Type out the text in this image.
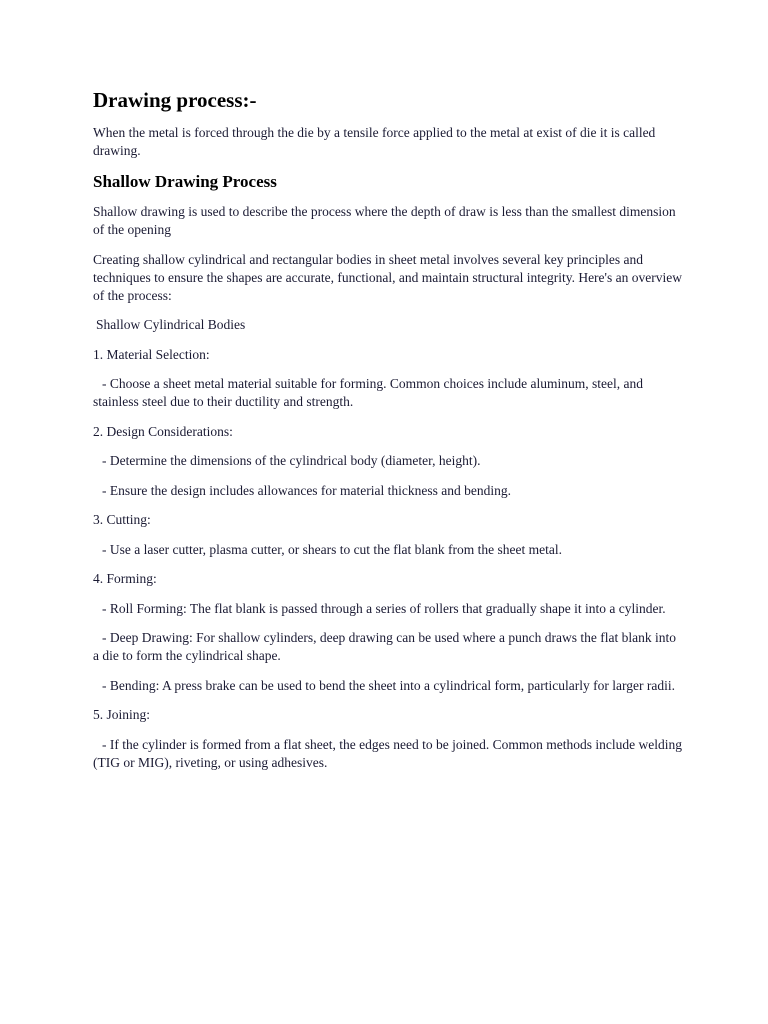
Drawing process:-

When the metal is forced through the die by a tensile force applied to the metal at exist of die it is called drawing.

Shallow Drawing Process

Shallow drawing is used to describe the process where the depth of draw is less than the smallest dimension of the opening

Creating shallow cylindrical and rectangular bodies in sheet metal involves several key principles and techniques to ensure the shapes are accurate, functional, and maintain structural integrity. Here's an overview of the process:

Shallow Cylindrical Bodies

1. Material Selection:

- Choose a sheet metal material suitable for forming. Common choices include aluminum, steel, and stainless steel due to their ductility and strength.

2. Design Considerations:

- Determine the dimensions of the cylindrical body (diameter, height).

- Ensure the design includes allowances for material thickness and bending.

3. Cutting:

- Use a laser cutter, plasma cutter, or shears to cut the flat blank from the sheet metal.

4. Forming:

- Roll Forming: The flat blank is passed through a series of rollers that gradually shape it into a cylinder.

- Deep Drawing: For shallow cylinders, deep drawing can be used where a punch draws the flat blank into a die to form the cylindrical shape.

- Bending: A press brake can be used to bend the sheet into a cylindrical form, particularly for larger radii.

5. Joining:

- If the cylinder is formed from a flat sheet, the edges need to be joined. Common methods include welding (TIG or MIG), riveting, or using adhesives.
